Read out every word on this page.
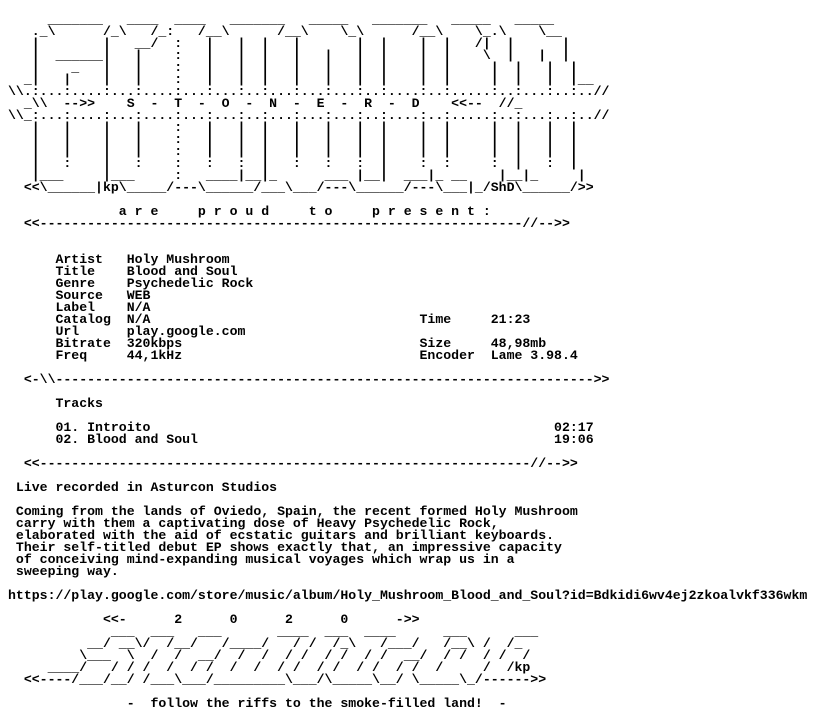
_______   ____  ____   _______   _____   _______   _____   _____
._\      /_\   /_:   /__\      /__\    \_\      /__\    \_.\    \__
|        |   __/  :   |   |  |   |       |  |    |  |   /|  |      |
|  ______|   |    :   |   |  |   |   |   |  |    |  |    \  |   |  |
|    _   |   |    :   |   |  |   |   |   |  |    |  |     |  |   |  |
_|   |    |   |    :   |   |  |   |   |   |  |    |  |     |  |   |  |__
\\.:...:....:...:....:...:...:..:...:...:...:..:....:..:.....:..:...:..:..//
_\\  -->>    S  -  T  -  O  -  N  -  E  -  R  -  D    <<--  //_
\\_:...:....:...:....:...:...:..:...:...:...:..:....:..:.....:..:...:..:..//
|   |    |   |    :   |   |  |   |   |   |  |    |  |     |  |   |  |
|   |    |   |    :   |   |  |   |   |   |  |    |  |     |  |   |  |
|   |    |   |    :   |   |  |   |   |   |  |    |  |     |  |   |  |
|   :    |   :    :   :   :  |   :   :   :  |    :  :     :  |   :  |
|___     |___     :   ____|__|_      ___ |__|  ___|_ __    |__|_     |
<<\______|kp\_____/---\______/___\___/---\______/---\___|_/ShD\______/>>

a r e     p r o u d     t o     p r e s e n t :
<<-------------------------------------------------------------//-->>

Artist   Holy Mushroom
Title    Blood and Soul
Genre    Psychedelic Rock
Source   WEB
Label    N/A
Catalog  N/A                                  Time     21:23
Url      play.google.com
Bitrate  320kbps                              Size     48,98mb
Freq     44,1kHz                              Encoder  Lame 3.98.4

<-\\-------------------------------------------------------------------->>

Tracks

01. Introito                                                   02:17
02. Blood and Soul                                             19:06

<<--------------------------------------------------------------//-->>

Live recorded in Asturcon Studios

Coming from the lands of Oviedo, Spain, the recent formed Holy Mushroom
carry with them a captivating dose of Heavy Psychedelic Rock,
elaborated with the aid of ecstatic guitars and brilliant keyboards.
Their self-titled debut EP shows exactly that, an impressive capacity
of conceiving mind-expanding musical voyages which wrap us in a
sweeping way.

https://play.google.com/store/music/album/Holy_Mushroom_Blood_and_Soul?id=Bdkidi6wv4ej2zkoalvkf336wkm

<<-      2      0      2      0      ->>
___  ___   ___       ____  ___  ____      ___      ___
__/ __\/  /__/   /____/   / /  /_\   /___/   /__\ /  /_
\___  \  /  /  __/  /  /  / /  / /  / /  __/  / /  / /  /
____/   / / /  /  / /  /  /  / /  / /  / /  / /  /     /  /kp
<<----/___/__/ /___\___/_________\___/\_____\__/ \_____\_/------>>

-  follow the riffs to the smoke-filled land!  -
